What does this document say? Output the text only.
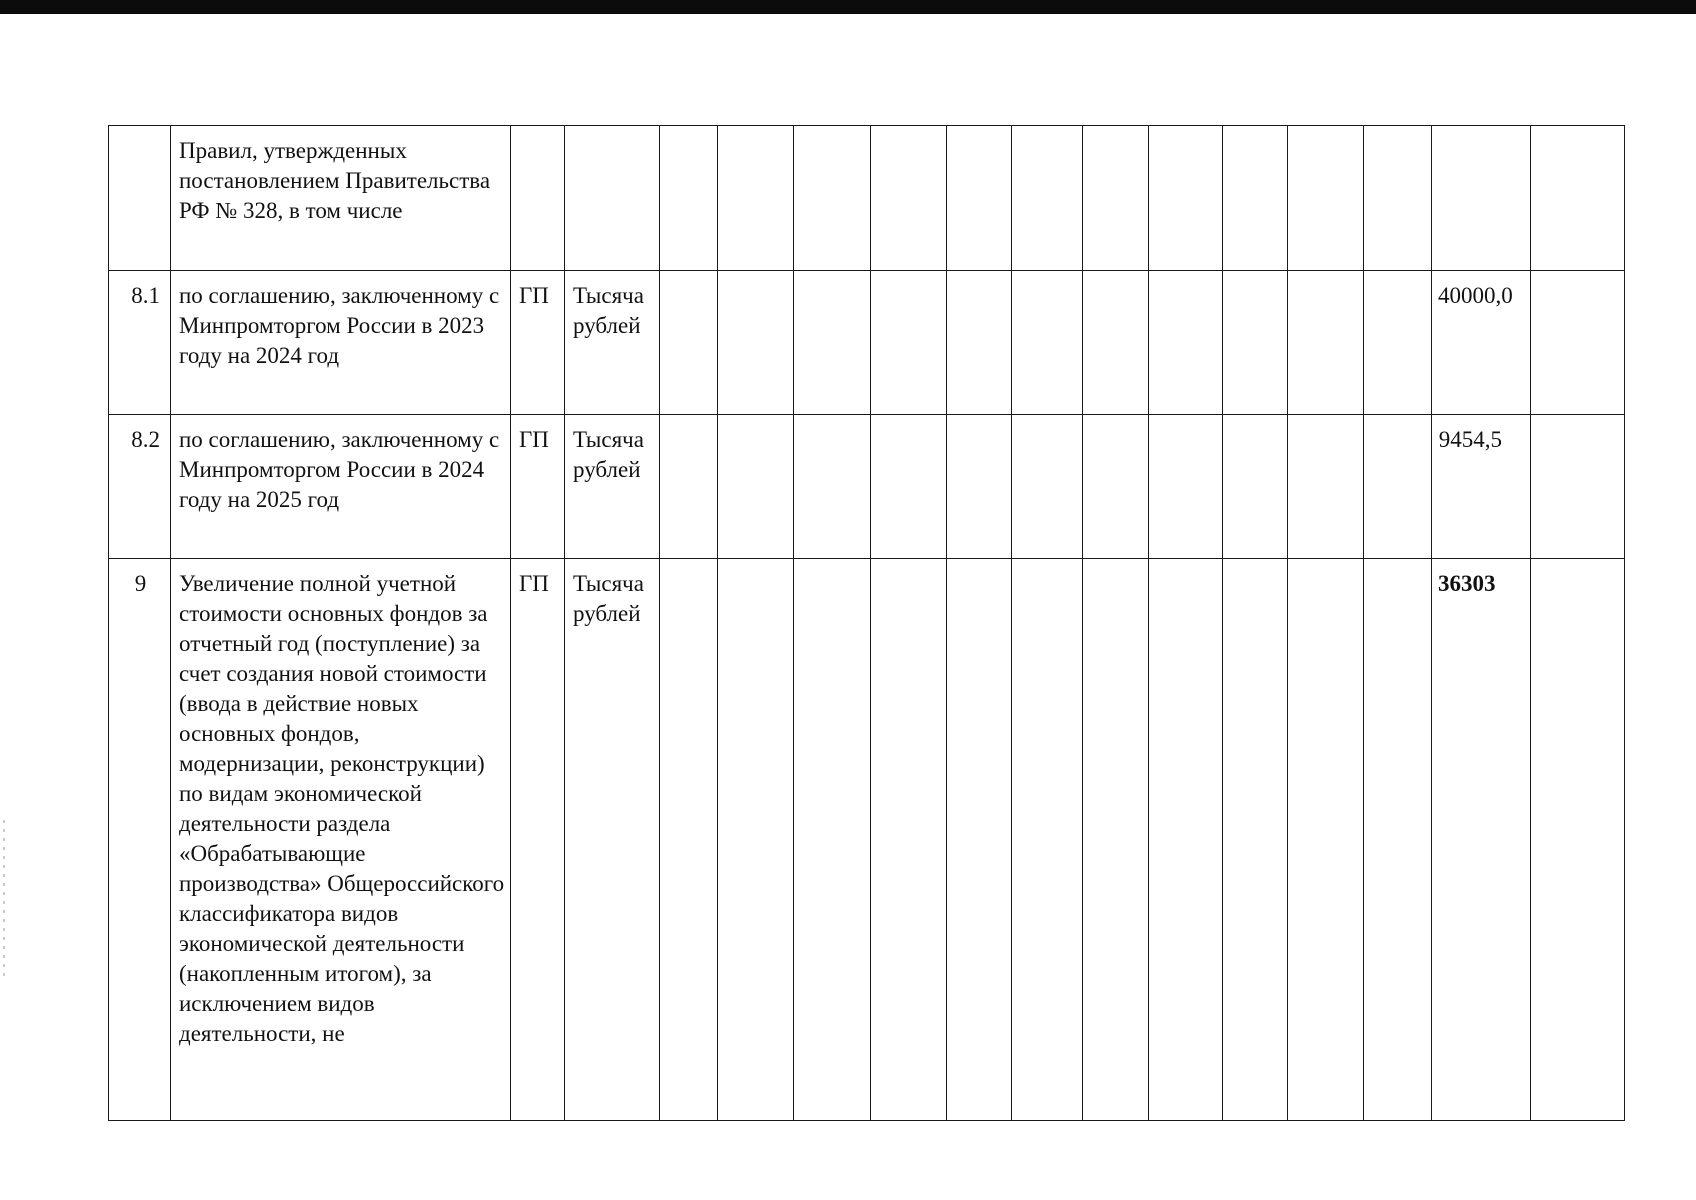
	Правил, утвержденных постановлением Правительства РФ № 328, в том числе															
8.1	по соглашению, заключенному с Минпромторгом России в 2023 году на 2024 год	ГП	Тысяча рублей												40000,0	
8.2	по соглашению, заключенному с Минпромторгом России в 2024 году на 2025 год	ГП	Тысяча рублей												9454,5	
9	Увеличение полной учетной стоимости основных фондов за отчетный год (поступление) за счет создания новой стоимости (ввода в действие новых основных фондов, модернизации, реконструкции) по видам экономической деятельности раздела «Обрабатывающие производства» Общероссийского классификатора видов экономической деятельности (накопленным итогом), за исключением видов деятельности, не	ГП	Тысяча рублей												36303	
